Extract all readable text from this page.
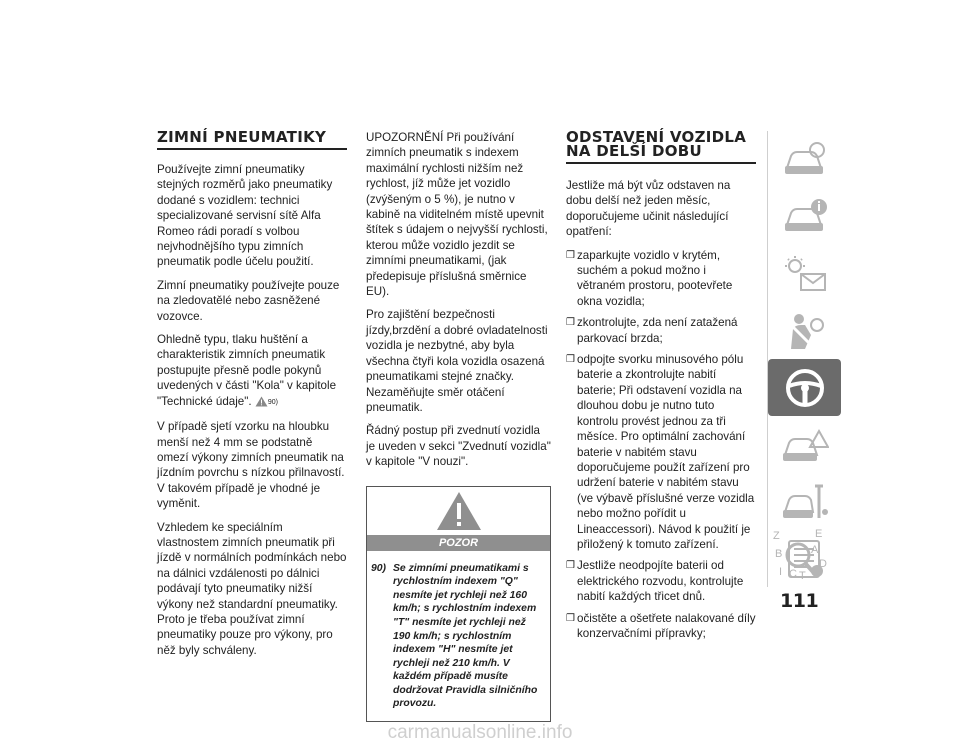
ZIMNÍ PNEUMATIKY

Používejte zimní pneumatiky stejných rozměrů jako pneumatiky dodané s vozidlem: technici specializované servisní sítě Alfa Romeo rádi poradí s volbou nejvhodnějšího typu zimních pneumatik podle účelu použití.

Zimní pneumatiky používejte pouze na zledovatělé nebo zasněžené vozovce.

Ohledně typu, tlaku huštění a charakteristik zimních pneumatik postupujte přesně podle pokynů uvedených v části "Kola" v kapitole "Technické údaje". 90)

V případě sjetí vzorku na hloubku menší než 4 mm se podstatně omezí výkony zimních pneumatik na jízdním povrchu s nízkou přilnavostí. V takovém případě je vhodné je vyměnit.

Vzhledem ke speciálním vlastnostem zimních pneumatik při jízdě v normálních podmínkách nebo na dálnici vzdálenosti po dálnici podávají tyto pneumatiky nižší výkony než standardní pneumatiky. Proto je třeba používat zimní pneumatiky pouze pro výkony, pro něž byly schváleny.

UPOZORNĚNÍ Při používání zimních pneumatik s indexem maximální rychlosti nižším než rychlost, jíž může jet vozidlo (zvýšeným o 5 %), je nutno v kabině na viditelném místě upevnit štítek s údajem o nejvyšší rychlosti, kterou může vozidlo jezdit se zimními pneumatikami, (jak předepisuje příslušná směrnice EU).

Pro zajištění bezpečnosti jízdy,brzdění a dobré ovladatelnosti vozidla je nezbytné, aby byla všechna čtyři kola vozidla osazená pneumatikami stejné značky. Nezaměňujte směr otáčení pneumatik.

Řádný postup při zvednutí vozidla je uveden v sekci "Zvednutí vozidla" v kapitole "V nouzi".

POZOR
90) Se zimními pneumatikami s rychlostním indexem "Q" nesmíte jet rychleji než 160 km/h; s rychlostním indexem "T" nesmíte jet rychleji než 190 km/h; s rychlostním indexem "H" nesmíte jet rychleji než 210 km/h. V každém případě musíte dodržovat Pravidla silničního provozu.
ODSTAVENÍ VOZIDLA NA DELŠÍ DOBU

Jestliže má být vůz odstaven na dobu delší než jeden měsíc, doporučujeme učinit následující opatření:

❒ zaparkujte vozidlo v krytém, suchém a pokud možno i větraném prostoru, pootevřete okna vozidla;
❒ zkontrolujte, zda není zatažená parkovací brzda;
❒ odpojte svorku minusového pólu baterie a zkontrolujte nabití baterie; Při odstavení vozidla na dlouhou dobu je nutno tuto kontrolu provést jednou za tři měsíce. Pro optimální zachování baterie v nabitém stavu doporučujeme použít zařízení pro udržení baterie v nabitém stavu (ve výbavě příslušné verze vozidla nebo možno pořídit u Lineaccessori). Návod k použití je přiložený k tomuto zařízení.
❒ Jestliže neodpojíte baterii od elektrického rozvodu, kontrolujte nabití každých třicet dnů.
❒ očistěte a ošetřete nalakované díly konzervačními přípravky;
Z	E
B	A
C T
I
D
111
carmanualsonline.info
